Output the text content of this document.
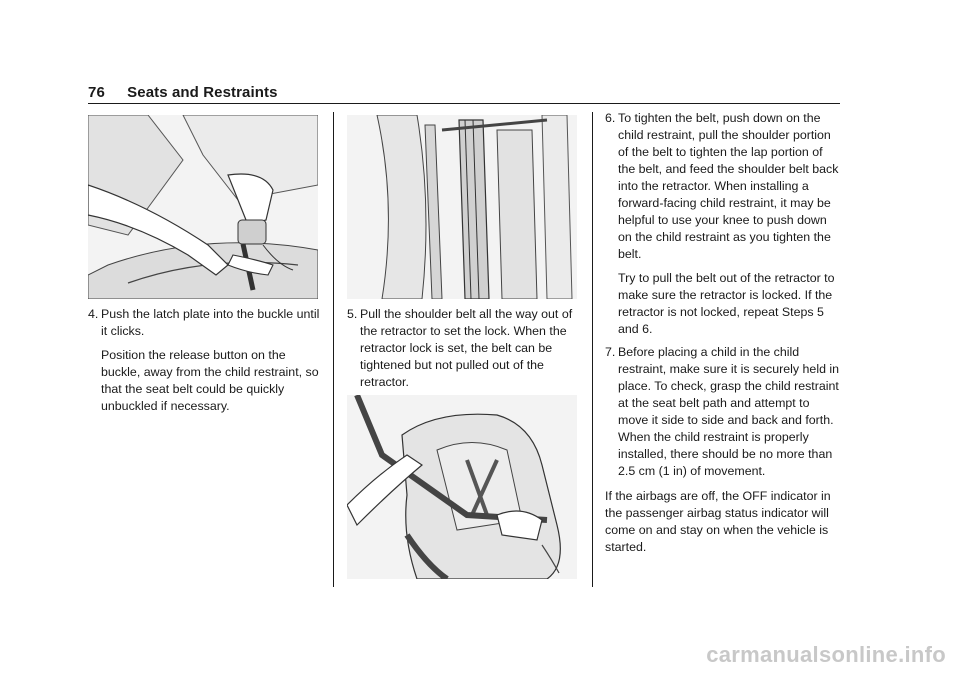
76 Seats and Restraints

4. Push the latch plate into the buckle until it clicks.

Position the release button on the buckle, away from the child restraint, so that the seat belt could be quickly unbuckled if necessary.

5. Pull the shoulder belt all the way out of the retractor to set the lock. When the retractor lock is set, the belt can be tightened but not pulled out of the retractor.

6. To tighten the belt, push down on the child restraint, pull the shoulder portion of the belt to tighten the lap portion of the belt, and feed the shoulder belt back into the retractor. When installing a forward-facing child restraint, it may be helpful to use your knee to push down on the child restraint as you tighten the belt.

Try to pull the belt out of the retractor to make sure the retractor is locked. If the retractor is not locked, repeat Steps 5 and 6.

7. Before placing a child in the child restraint, make sure it is securely held in place. To check, grasp the child restraint at the seat belt path and attempt to move it side to side and back and forth. When the child restraint is properly installed, there should be no more than 2.5 cm (1 in) of movement.

If the airbags are off, the OFF indicator in the passenger airbag status indicator will come on and stay on when the vehicle is started.

carmanualsonline.info
